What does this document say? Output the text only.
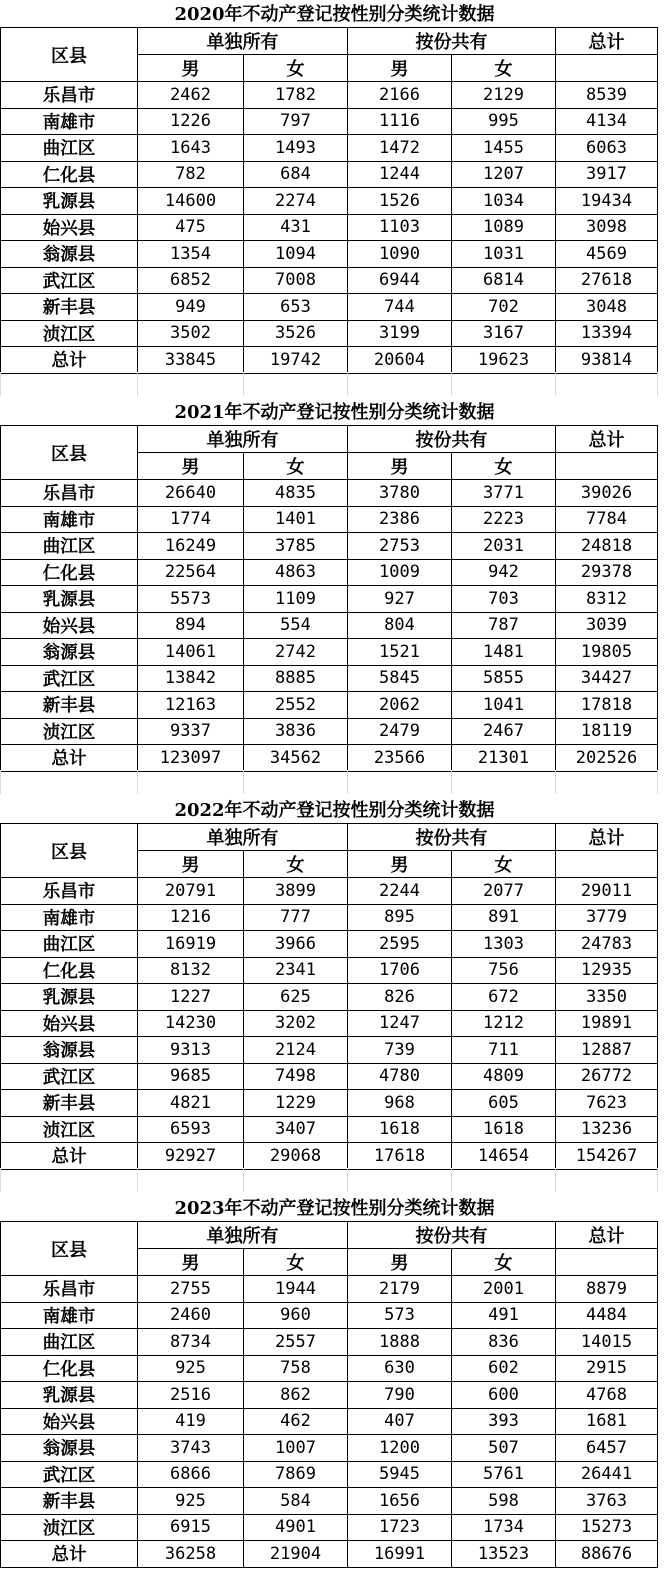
2020年不动产登记按性别分类统计数据
区县	单独所有		按份共有		总计
	男	女	男	女	
乐昌市	2462	1782	2166	2129	8539
南雄市	1226	797	1116	995	4134
曲江区	1643	1493	1472	1455	6063
仁化县	782	684	1244	1207	3917
乳源县	14600	2274	1526	1034	19434
始兴县	475	431	1103	1089	3098
翁源县	1354	1094	1090	1031	4569
武江区	6852	7008	6944	6814	27618
新丰县	949	653	744	702	3048
浈江区	3502	3526	3199	3167	13394
总计	33845	19742	20604	19623	93814

2021年不动产登记按性别分类统计数据
区县	单独所有		按份共有		总计
	男	女	男	女	
乐昌市	26640	4835	3780	3771	39026
南雄市	1774	1401	2386	2223	7784
曲江区	16249	3785	2753	2031	24818
仁化县	22564	4863	1009	942	29378
乳源县	5573	1109	927	703	8312
始兴县	894	554	804	787	3039
翁源县	14061	2742	1521	1481	19805
武江区	13842	8885	5845	5855	34427
新丰县	12163	2552	2062	1041	17818
浈江区	9337	3836	2479	2467	18119
总计	123097	34562	23566	21301	202526

2022年不动产登记按性别分类统计数据
区县	单独所有		按份共有		总计
	男	女	男	女	
乐昌市	20791	3899	2244	2077	29011
南雄市	1216	777	895	891	3779
曲江区	16919	3966	2595	1303	24783
仁化县	8132	2341	1706	756	12935
乳源县	1227	625	826	672	3350
始兴县	14230	3202	1247	1212	19891
翁源县	9313	2124	739	711	12887
武江区	9685	7498	4780	4809	26772
新丰县	4821	1229	968	605	7623
浈江区	6593	3407	1618	1618	13236
总计	92927	29068	17618	14654	154267

2023年不动产登记按性别分类统计数据
区县	单独所有		按份共有		总计
	男	女	男	女	
乐昌市	2755	1944	2179	2001	8879
南雄市	2460	960	573	491	4484
曲江区	8734	2557	1888	836	14015
仁化县	925	758	630	602	2915
乳源县	2516	862	790	600	4768
始兴县	419	462	407	393	1681
翁源县	3743	1007	1200	507	6457
武江区	6866	7869	5945	5761	26441
新丰县	925	584	1656	598	3763
浈江区	6915	4901	1723	1734	15273
总计	36258	21904	16991	13523	88676
